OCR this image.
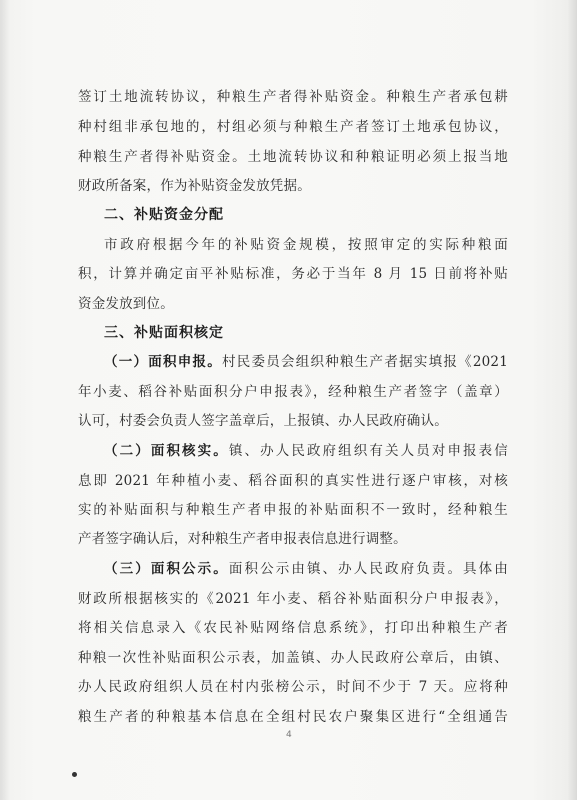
签订土地流转协议，种粮生产者得补贴资金。种粮生产者承包耕
种村组非承包地的，村组必须与种粮生产者签订土地承包协议，
种粮生产者得补贴资金。土地流转协议和种粮证明必须上报当地
财政所备案，作为补贴资金发放凭据。
二、补贴资金分配
市政府根据今年的补贴资金规模，按照审定的实际种粮面
积，计算并确定亩平补贴标准，务必于当年 8 月 15 日前将补贴
资金发放到位。
三、补贴面积核定
（一）面积申报。村民委员会组织种粮生产者据实填报《2021
年小麦、稻谷补贴面积分户申报表》，经种粮生产者签字（盖章）
认可，村委会负责人签字盖章后，上报镇、办人民政府确认。
（二）面积核实。镇、办人民政府组织有关人员对申报表信
息即 2021 年种植小麦、稻谷面积的真实性进行逐户审核，对核
实的补贴面积与种粮生产者申报的补贴面积不一致时，经种粮生
产者签字确认后，对种粮生产者申报表信息进行调整。
（三）面积公示。面积公示由镇、办人民政府负责。具体由
财政所根据核实的《2021 年小麦、稻谷补贴面积分户申报表》，
将相关信息录入《农民补贴网络信息系统》，打印出种粮生产者
种粮一次性补贴面积公示表，加盖镇、办人民政府公章后，由镇、
办人民政府组织人员在村内张榜公示，时间不少于 7 天。应将种
粮生产者的种粮基本信息在全组村民农户聚集区进行“全组通告
4
